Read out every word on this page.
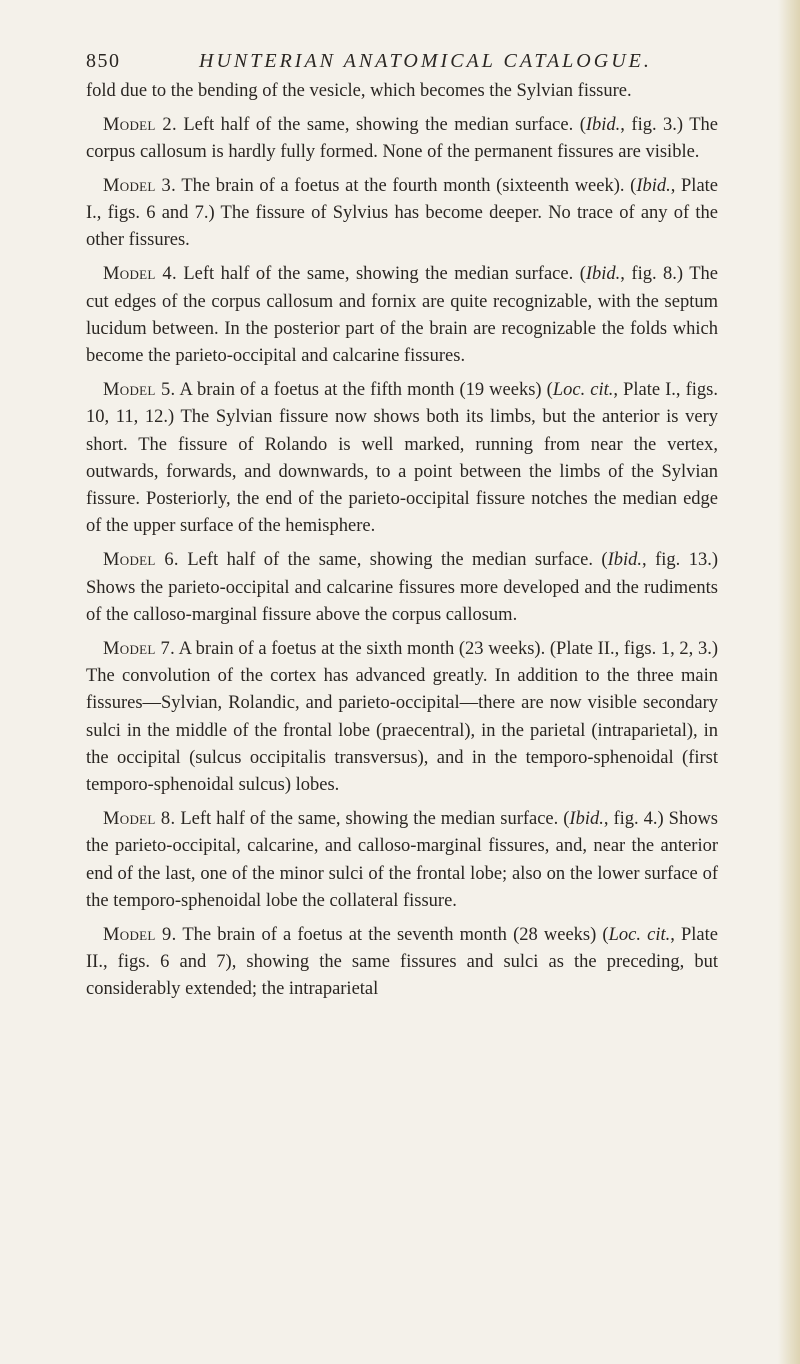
850	HUNTERIAN ANATOMICAL CATALOGUE.

fold due to the bending of the vesicle, which becomes the Sylvian fissure.

Model 2. Left half of the same, showing the median surface. (Ibid., fig. 3.) The corpus callosum is hardly fully formed. None of the permanent fissures are visible.

Model 3. The brain of a foetus at the fourth month (sixteenth week). (Ibid., Plate I., figs. 6 and 7.) The fissure of Sylvius has become deeper. No trace of any of the other fissures.

Model 4. Left half of the same, showing the median surface. (Ibid., fig. 8.) The cut edges of the corpus callosum and fornix are quite recognizable, with the septum lucidum between. In the posterior part of the brain are recognizable the folds which become the parieto-occipital and calcarine fissures.

Model 5. A brain of a foetus at the fifth month (19 weeks) (Loc. cit., Plate I., figs. 10, 11, 12.) The Sylvian fissure now shows both its limbs, but the anterior is very short. The fissure of Rolando is well marked, running from near the vertex, outwards, forwards, and downwards, to a point between the limbs of the Sylvian fissure. Posteriorly, the end of the parieto-occipital fissure notches the median edge of the upper surface of the hemisphere.

Model 6. Left half of the same, showing the median surface. (Ibid., fig. 13.) Shows the parieto-occipital and calcarine fissures more developed and the rudiments of the calloso-marginal fissure above the corpus callosum.

Model 7. A brain of a foetus at the sixth month (23 weeks). (Plate II., figs. 1, 2, 3.) The convolution of the cortex has advanced greatly. In addition to the three main fissures—Sylvian, Rolandic, and parieto-occipital—there are now visible secondary sulci in the middle of the frontal lobe (praecentral), in the parietal (intraparietal), in the occipital (sulcus occipitalis transversus), and in the temporo-sphenoidal (first temporo-sphenoidal sulcus) lobes.

Model 8. Left half of the same, showing the median surface. (Ibid., fig. 4.) Shows the parieto-occipital, calcarine, and calloso-marginal fissures, and, near the anterior end of the last, one of the minor sulci of the frontal lobe; also on the lower surface of the temporo-sphenoidal lobe the collateral fissure.

Model 9. The brain of a foetus at the seventh month (28 weeks) (Loc. cit., Plate II., figs. 6 and 7), showing the same fissures and sulci as the preceding, but considerably extended; the intraparietal
